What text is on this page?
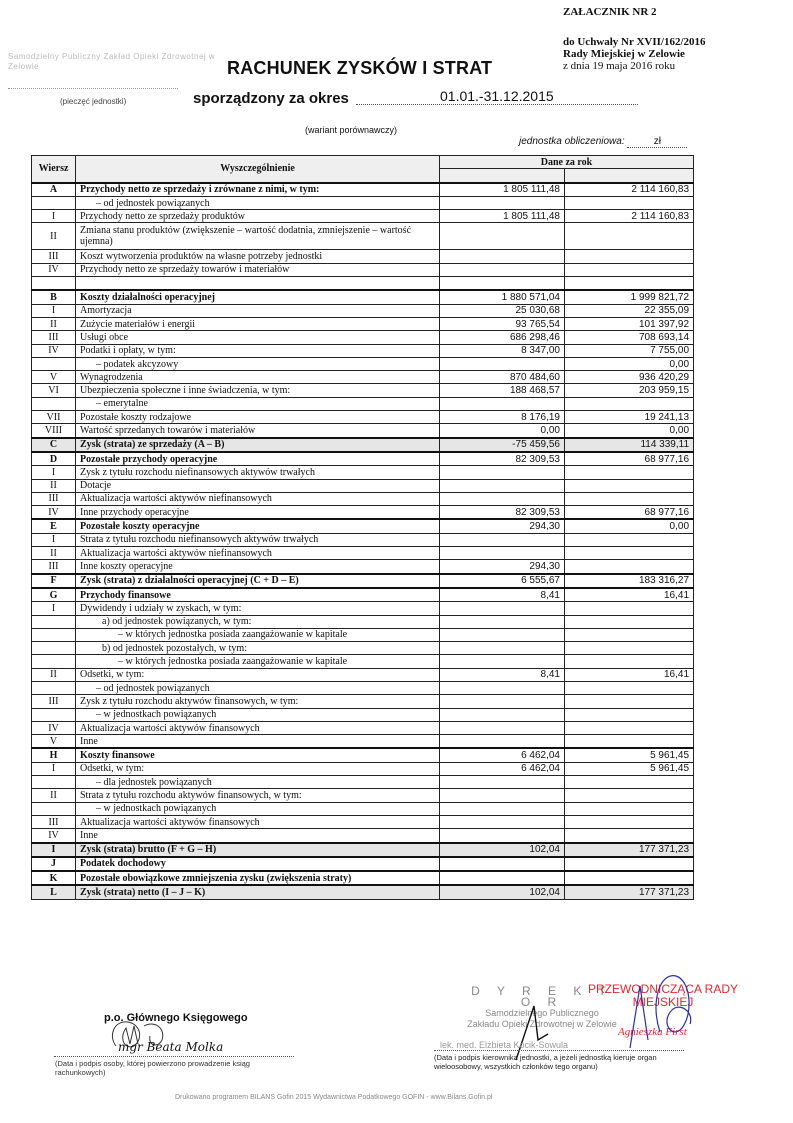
ZAŁACZNIK NR 2
do Uchwały Nr XVII/162/2016
Rady Miejskiej w Zelowie
z dnia 19 maja 2016 roku
Samodzielny Publiczny Zakład Opieki Zdrowotnej w Zelowie
(pieczęć jednostki)
RACHUNEK ZYSKÓW I STRAT
sporządzony za okres	01.01.-31.12.2015
(wariant porównawczy)
jednostka obliczeniowa:	zł
Wiersz	Wyszczególnienie	Dane za rok	

A	Przychody netto ze sprzedaży i zrównane z nimi, w tym:	1 805 111,48	2 114 160,83
	– od jednostek powiązanych		
I	Przychody netto ze sprzedaży produktów	1 805 111,48	2 114 160,83
II	Zmiana stanu produktów (zwiększenie – wartość dodatnia, zmniejszenie – wartość ujemna)		
III	Koszt wytworzenia produktów na własne potrzeby jednostki		
IV	Przychody netto ze sprzedaży towarów i materiałów		

B	Koszty działalności operacyjnej	1 880 571,04	1 999 821,72
I	Amortyzacja	25 030,68	22 355,09
II	Zużycie materiałów i energii	93 765,54	101 397,92
III	Usługi obce	686 298,46	708 693,14
IV	Podatki i opłaty, w tym:	8 347,00	7 755,00
	– podatek akcyzowy		0,00
V	Wynagrodzenia	870 484,60	936 420,29
VI	Ubezpieczenia społeczne i inne świadczenia, w tym:	188 468,57	203 959,15
	– emerytalne		
VII	Pozostałe koszty rodzajowe	8 176,19	19 241,13
VIII	Wartość sprzedanych towarów i materiałów	0,00	0,00
C	Zysk (strata) ze sprzedaży (A – B)	-75 459,56	114 339,11
D	Pozostałe przychody operacyjne	82 309,53	68 977,16
I	Zysk z tytułu rozchodu niefinansowych aktywów trwałych		
II	Dotacje		
III	Aktualizacja wartości aktywów niefinansowych		
IV	Inne przychody operacyjne	82 309,53	68 977,16
E	Pozostałe koszty operacyjne	294,30	0,00
I	Strata z tytułu rozchodu niefinansowych aktywów trwałych		
II	Aktualizacja wartości aktywów niefinansowych		
III	Inne koszty operacyjne	294,30	
F	Zysk (strata) z działalności operacyjnej (C + D – E)	6 555,67	183 316,27
G	Przychody finansowe	8,41	16,41
I	Dywidendy i udziały w zyskach, w tym:		
	a) od jednostek powiązanych, w tym:		
	– w których jednostka posiada zaangażowanie w kapitale		
	b) od jednostek pozostałych, w tym:		
	– w których jednostka posiada zaangażowanie w kapitale		
II	Odsetki, w tym:	8,41	16,41
	– od jednostek powiązanych		
III	Zysk z tytułu rozchodu aktywów finansowych, w tym:		
	– w jednostkach powiązanych		
IV	Aktualizacja wartości aktywów finansowych		
V	Inne		
H	Koszty finansowe	6 462,04	5 961,45
I	Odsetki, w tym:	6 462,04	5 961,45
	– dla jednostek powiązanych		
II	Strata z tytułu rozchodu aktywów finansowych, w tym:		
	– w jednostkach powiązanych		
III	Aktualizacja wartości aktywów finansowych		
IV	Inne		
I	Zysk (strata) brutto (F + G – H)	102,04	177 371,23
J	Podatek dochodowy		
K	Pozostałe obowiązkowe zmniejszenia zysku (zwiększenia straty)		
L	Zysk (strata) netto (I – J – K)	102,04	177 371,23
p.o. Głównego Księgowego
mgr Beata Molka
(Data i podpis osoby, której powierzono prowadzenie ksiąg rachunkowych)
D Y R E K T O R
Samodzielnego Publicznego
Zakładu Opieki Zdrowotnej w Zelowie
lek. med. Elżbieta Kocik-Sowula
(Data i podpis kierownika jednostki, a jeżeli jednostką kieruje organ wieloosobowy, wszystkich członków tego organu)
PRZEWODNICZĄCA RADY
MIEJSKIEJ
Agnieszka First
Drukowano programem BILANS Gofin 2015 Wydawnictwa Podatkowego GOFIN - www.Bilans.Gofin.pl
